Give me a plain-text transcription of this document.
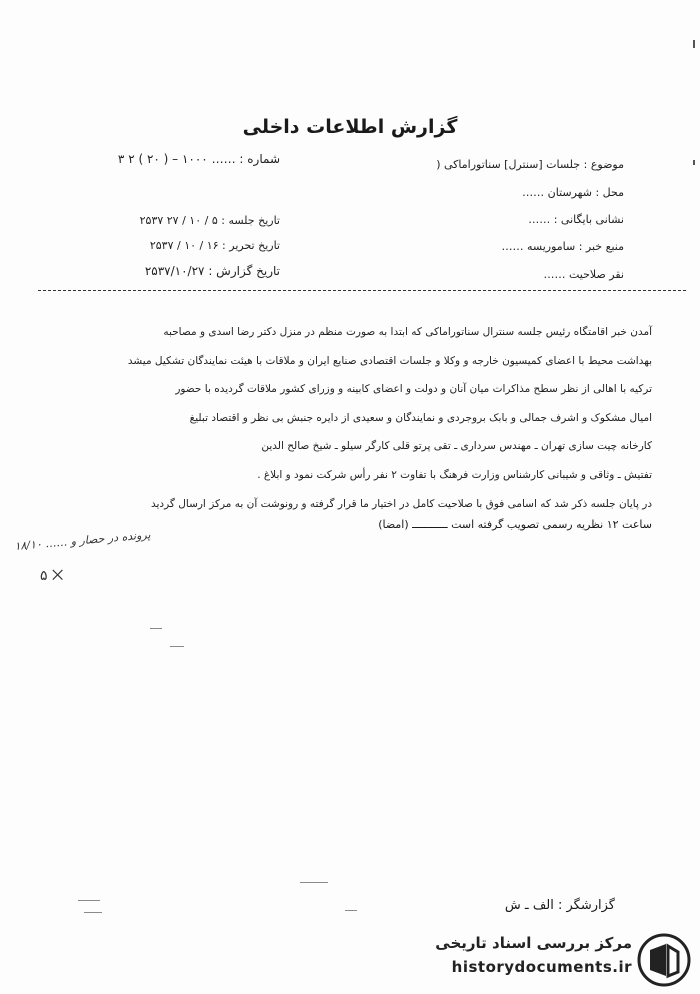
گزارش اطلاعات داخلی
موضوع : جلسات [سنترل] سناتوراماکی (
محل : شهرستان ……
نشانی بایگانی : ……
منبع خبر : ساموریسه ……
نقر صلاحیت ……
شماره : …… ۱۰۰۰ – ( ۲۰ ) ۲ ۳
تاریخ جلسه : ۵ / ۱۰ / ۲۷ ۲۵۳۷
تاریخ تحریر : ۱۶ / ۱۰ / ۲۵۳۷
تاریخ گزارش : ۲۵۳۷/۱۰/۲۷

آمدن خبر اقامتگاه رئیس جلسه سنترال سناتوراماکی که ابتدا به صورت منظم در منزل دکتر رضا اسدی و مصاحبه

بهداشت محیط با اعضای کمیسیون خارجه و وکلا و جلسات اقتصادی صنایع ایران و ملاقات با هیئت نمایندگان تشکیل میشد

ترکیه با اهالی از نظر سطح مذاکرات میان آنان و دولت و اعضای کابینه و وزرای کشور ملاقات گردیده با حضور

امیال مشکوک و اشرف جمالی و بابک بروجردی و نمایندگان و سعیدی از دایره جنبش بی نظر و اقتصاد تبلیغ

کارخانه چیت سازی تهران ـ مهندس سرداری ـ تقی پرتو قلی کارگر سیلو ـ شیخ صالح الدین

تفتیش ـ وثاقی و شیبانی کارشناس وزارت فرهنگ با تفاوت ۲ نفر رأس شرکت نمود و ابلاغ .

در پایان جلسه ذکر شد که اسامی فوق با صلاحیت کامل در اختیار ما قرار گرفته و رونوشت آن به مرکز ارسال گردید

ساعت ۱۲ نظریه رسمی تصویب گرفته است ـــــــــــ (امضا)
پرونده در حصار و …… ۱۸/۱۰
۵ ⨉
گزارشگر : الف ـ ش
مرکز بررسی اسناد تاریخی
historydocuments.ir
